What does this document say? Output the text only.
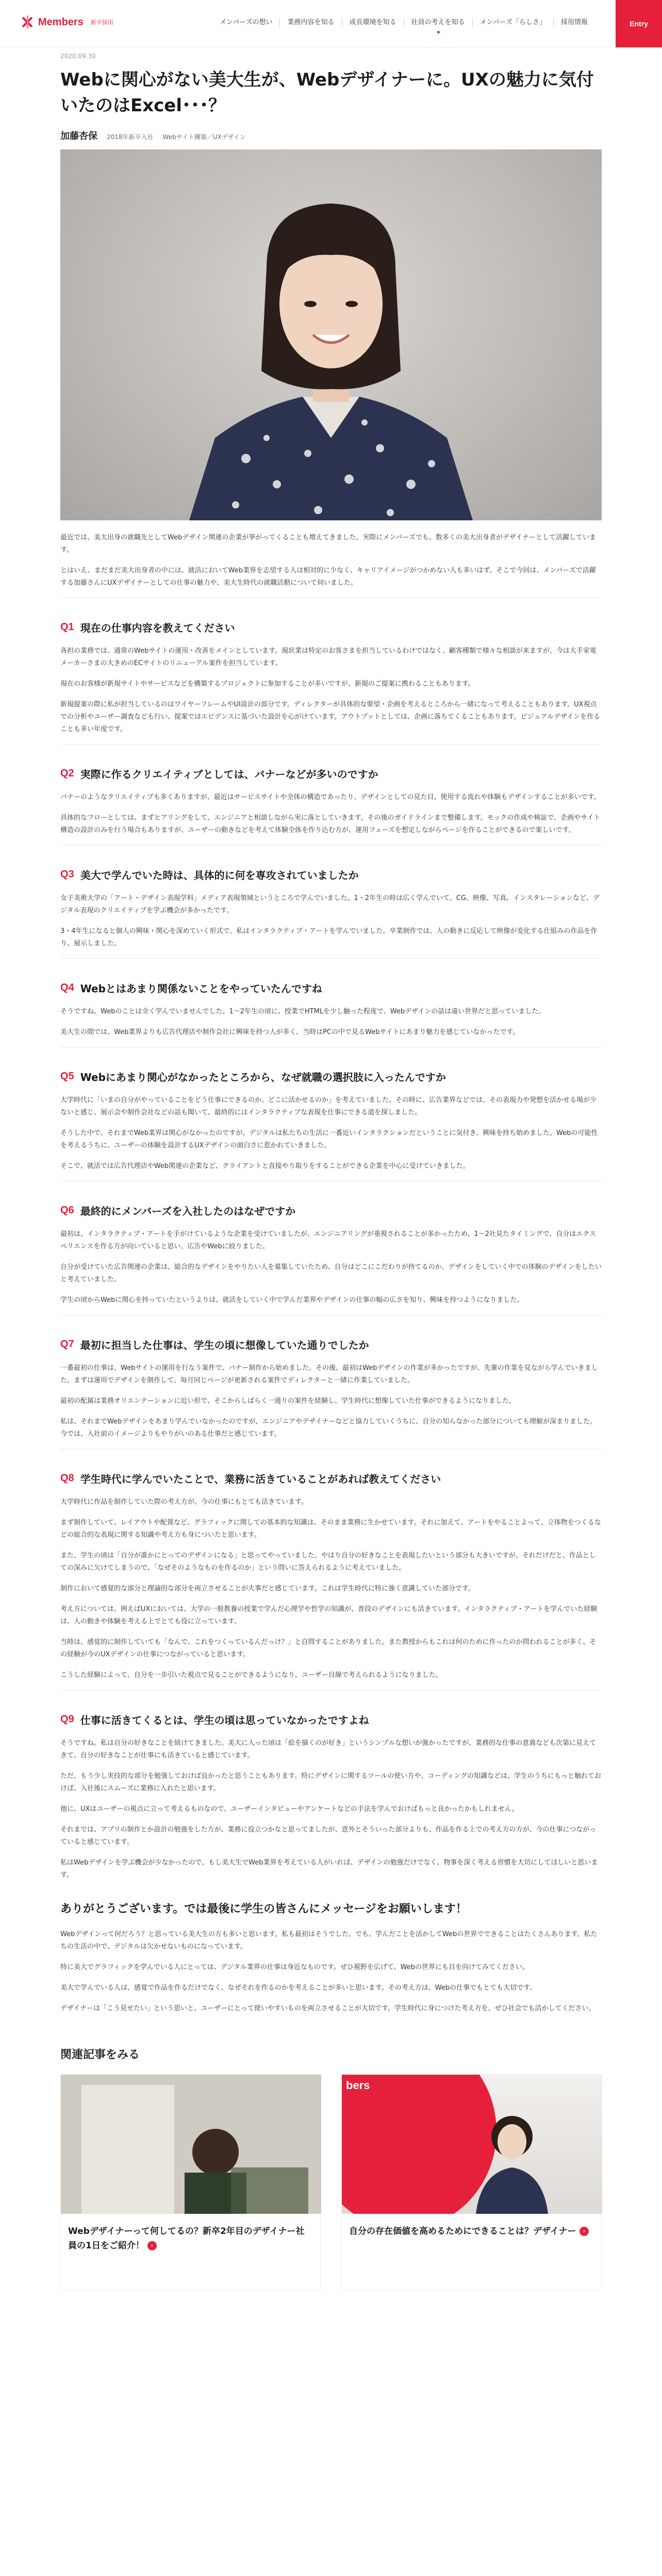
Members 新卒採用	メンバーズの想い	業務内容を知る	成長環境を知る	社員の考えを知る	メンバーズ「らしさ」	採用情報	Entry
2020.09.30
Webに関心がない美大生が、Webデザイナーに。UXの魅力に気付いたのはExcel･･･？
加藤杏保 2018年新卒入社 Webサイト構築／UXデザイン

最近では、美大出身の就職先としてWebデザイン関連の企業が挙がってくることも増えてきました。実際にメンバーズでも、数多くの美大出身者がデザイナーとして活躍しています。

とはいえ、まだまだ美大出身者の中には、就活においてWeb業界を志望する人は相対的に少なく、キャリアイメージがつかめない人も多いはず。そこで今回は、メンバーズで活躍する加藤さんにUXデザイナーとしての仕事の魅力や、美大生時代の就職活動について伺いました。

Q1 現在の仕事内容を教えてください

各担の業務では、通常のWebサイトの運用・改善をメインとしています。現状業は特定のお客さまを担当しているわけではなく、顧客種類で様々な相談が来ますが、今は大手家電メーカーさまの大きめのECサイトのリニューアル案件を担当しています。

現在のお客様が新規サイトやサービスなどを構築するプロジェクトに参加することが多いですが、新規のご提案に携わることもあります。

新規提案の際に私が担当しているのはワイヤーフレームやUI設計の部分です。ディレクターが具体的な要望・企画を考えるところから一緒になって考えることもあります。UX視点での分析やユーザー調査なども行い、提案ではエビデンスに基づいた設計を心がけています。アウトプットとしては、企画に落ちてくることもあります。ビジュアルデザインを作ることも多い年度です。

Q2 実際に作るクリエイティブとしては、バナーなどが多いのですか

バナーのようなクリエイティブも多くありますが、最近はサービスサイトや全体の構造であったり、デザインとしての見た目、使用する流れや体験もデザインすることが多いです。

具体的なフローとしては、まずヒアリングをして、エンジニアと相談しながら実に落としていきます。その後のガイドラインまで整備します。モックの作成や検証で、企画やサイト構造の設計のみを行う場合もありますが、ユーザーの動きなどを考えて体験全体を作り込む方が、運用フェーズを想定しながらページを作ることができるので楽しいです。

Q3 美大で学んでいた時は、具体的に何を専攻されていましたか

女子美術大学の「アート・デザイン表現学科」メディア表現領域というところで学んでいました。1・2年生の時は広く学んでいて、CG、映像、写真、インスタレーションなど、デジタル表現のクリエイティブを学ぶ機会が多かったです。

3・4年生になると個人の興味・関心を深めていく形式で、私はインタラクティブ・アートを学んでいました。卒業制作では、人の動きに反応して映像が変化する仕組みの作品を作り、展示しました。

Q4 Webとはあまり関係ないことをやっていたんですね

そうですね。Webのことは全く学んでいませんでした。1〜2年生の頃に、授業でHTMLを少し触った程度で、Webデザインの話は遠い世界だと思っていました。

美大生の間では、Web業界よりも広告代理店や制作会社に興味を持つ人が多く、当時はPCの中で見るWebサイトにあまり魅力を感じていなかったです。

Q5 Webにあまり関心がなかったところから、なぜ就職の選択肢に入ったんですか

大学時代に「いまの自分がやっていることをどう仕事にできるのか、どこに活かせるのか」を考えていました。その時に、広告業界などでは、その表現力や発想を活かせる場が少ないと感じ、展示会や制作会社などの話も聞いて、最終的にはインタラクティブな表現を仕事にできる道を探しました。

そうした中で、それまでWeb業界は関心がなかったのですが、デジタルは私たちの生活に一番近いインタラクションだということに気付き、興味を持ち始めました。Webの可能性を考えるうちに、ユーザーの体験を設計するUXデザインの面白さに惹かれていきました。

そこで、就活では広告代理店やWeb関連の企業など、クライアントと直接やり取りをすることができる企業を中心に受けていきました。

Q6 最終的にメンバーズを入社したのはなぜですか

最初は、インタラクティブ・アートを手がけているような企業を受けていましたが、エンジニアリングが重視されることが多かったため、1〜2社見たタイミングで、自分はエクスペリエンスを作る方が向いていると思い、広告やWebに絞りました。

自分が受けていた広告関連の企業は、総合的なデザインをやりたい人を募集していたため、自分はどこにこだわりが持てるのか、デザインをしていく中での体験のデザインをしたいと考えていました。

学生の頃からWebに関心を持っていたというよりは、就活をしていく中で学んだ業界やデザインの仕事の幅の広さを知り、興味を持つようになりました。

Q7 最初に担当した仕事は、学生の頃に想像していた通りでしたか

一番最初の仕事は、Webサイトの運用を行なう案件で、バナー制作から始めました。その後、最初はWebデザインの作業が多かったですが、先輩の作業を見ながら学んでいきました。まずは運用でデザインを制作して、毎月同じページが更新される案件でディレクターと一緒に作業していました。

最初の配属は業務オリエンテーションに近い形で、そこからしばらく一通りの案件を経験し、学生時代に想像していた仕事ができるようになりました。

私は、それまでWebデザインをあまり学んでいなかったのですが、エンジニアやデザイナーなどと協力していくうちに、自分の知らなかった部分についても理解が深まりました。今では、入社前のイメージよりもやりがいのある仕事だと感じています。

Q8 学生時代に学んでいたことで、業務に活きていることがあれば教えてください

大学時代に作品を制作していた際の考え方が、今の仕事にもとても活きています。

まず制作していて、レイアウトや配置など、グラフィックに関しての基本的な知識は、そのまま業務に生かせています。それに加えて、アートをやることよって、立体物をつくるなどの総合的な表現に関する知識や考え方も身についたと思います。

また、学生の頃は「自分が誰かにとってのデザインになる」と思ってやっていました。やはり自分の好きなことを表現したいという部分も大きいですが、それだけだと、作品としての深みに欠けてしまうので、「なぜそのようなものを作るのか」という問いに答えられるように考えていました。

制作において感覚的な部分と理論的な部分を両立させることが大事だと感じています。これは学生時代に特に強く意識していた部分です。

考え方については、例えばUXにおいては、大学の一般教養の授業で学んだ心理学や哲学の知識が、普段のデザインにも活きています。インタラクティブ・アートを学んでいた経験は、人の動きや体験を考える上でとても役に立っています。

当時は、感覚的に制作していても「なんで、これをつくっているんだっけ？」と自問することがありました。また教授からもこれは何のために作ったのか問われることが多く、その経験が今のUXデザインの仕事につながっていると思います。

こうした経験によって、自分を一歩引いた視点で見ることができるようになり、ユーザー目線で考えられるようになりました。

Q9 仕事に活きてくるとは、学生の頃は思っていなかったですよね

そうですね。私は自分の好きなことを続けてきました。美大に入った頃は「絵を描くのが好き」というシンプルな想いが強かったですが、業務的な仕事の意義なども次第に見えてきて、自分の好きなことが仕事にも活きていると感じています。

ただ、もう少し実技的な部分を勉強しておけば良かったと思うこともあります。特にデザインに関するツールの使い方や、コーディングの知識などは、学生のうちにもっと触れておけば、入社後にスムーズに業務に入れたと思います。

他に、UXはユーザーの視点に立って考えるものなので、ユーザーインタビューやアンケートなどの手法を学んでおけばもっと良かったかもしれません。

それまでは、アプリの制作とか設計の勉強をした方が、業務に役立つかなと思ってましたが、意外とそういった部分よりも、作品を作る上での考え方の方が、今の仕事につながっていると感じています。

私はWebデザインを学ぶ機会が少なかったので、もし美大生でWeb業界を考えている人がいれば、デザインの勉強だけでなく、物事を深く考える習慣を大切にしてほしいと思います。

ありがとうございます。では最後に学生の皆さんにメッセージをお願いします！

Webデザインって何だろう？と思っている美大生の方も多いと思います。私も最初はそうでした。でも、学んだことを活かしてWebの世界でできることはたくさんあります。私たちの生活の中で、デジタルは欠かせないものになっています。

特に美大でグラフィックを学んでいる人にとっては、デジタル業界の仕事は身近なものです。ぜひ視野を広げて、Webの世界にも目を向けてみてください。

美大で学んでいる人は、感覚で作品を作るだけでなく、なぜそれを作るのかを考えることが多いと思います。その考え方は、Webの仕事でもとても大切です。

デザイナーは「こう見せたい」という思いと、ユーザーにとって使いやすいものを両立させることが大切です。学生時代に身につけた考え方を、ぜひ社会でも活かしてください。

関連記事をみる
Webデザイナーって何してるの？新卒2年目のデザイナー社員の1日をご紹介！ ›
bers
自分の存在価値を高めるためにできることは？デザイナー ›
